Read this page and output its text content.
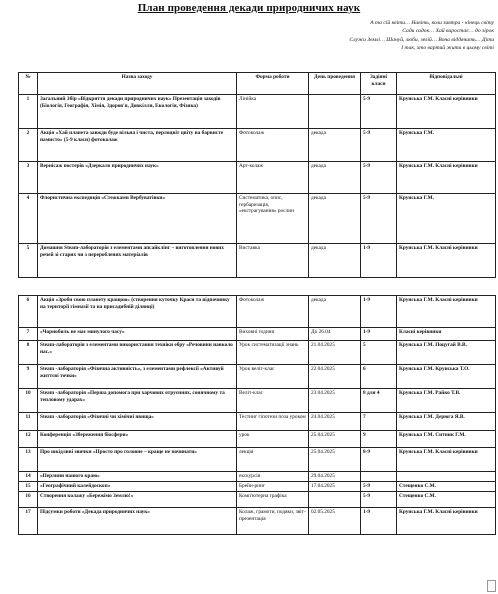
План проведення декади природничих наук
А та сій квіти… Навіть, коли завтра - кінець світу
Сади садок… Хай виростає… до зірок
Служи Землі… Шануй, люби, зелій… Вона віддячить… Діти
І так, хто вартий жити в цьому світі
№	Назва заходу	Форма роботи	День проведення	Задіяні класи	Відповідальні
1	Загальний Збір «Відкриття декади природничих наук» Презентація заходів (Біологія, Географія, Хімія, Здоров'я, Довкілля, Екологія, Фізика)	Лінійка		5-9	Крунська Г.М. Класні керівники
2	Акція «Хай планета завжди буде вільна і чиста, перлоцвіт цвіту на барвисте намисто» (5-9 класи) фотоколаж	Фотоколаж	декада	5-9	Крунська Г.М.
3	Вернісаж постерів «Дзеркало природничих наук»	Арт-колаж	декада	5-9	Крунська Г.М. Класні керівники
4	Флористична експедиція «Стежками Вербуватівки»	Систематика, опис, гербаризація, «екстрагування» рослин	декада	5-9	Крунська Г.М.
5	Домашня Steam-лабораторія з елементами апсайклінг – виготовлення нових речей зі старих чи з перероблених матеріалів	Виставка	декада	1-9	Крунська Г.М. Класні керівники
6	Акція «Зроби свою планету кращою» (створення куточку Краси та відпочинку на території гімназії та на присадибній ділянці)	Фотоколаж	декада	1-9	Крунська Г.М. Класні керівники
7	«Чорнобиль не має минулого часу»	Виховні години	До 26.04	1-9	Класні керівники
8	Steam-лабораторія з елементами використання техніки ебру «Речовини навколо нас.»	Урок систематизації знань	21.04.2025	5	Крунська Г.М. Поцугай В.В.
9	Steam -лабораторія «Фізична активність», з елементами рефлексії «Активуй життєві точки»	Урок веліт-клас	22.04.2025	6	Крунська Г.М. Крунська Т.О.
10	Steam -лабораторія «Перша допомога при харчових отруєннях, сонячному та тепловому ударах»	Веліт-клас	23.04.2025	8 для 4	Крунська Г.М. Райко Т.В.
11	Steam -лабораторія «Фізичні чи хімічні явища»	Тестинг гіпотези поза уроком	24.04.2025	7	Крунська Г.М. Дерюга Я.В.
12	Конференція «Збереження біосфери»	урок	25.04.2025	9	Крунська Г.М. Ситник Г.М.
13	Про шкідливі звички «Просто про головне – краще не починати»	лекція	25.04.2025	8-9	Крунська Г.М. Класні керівники
14	«Перлини нашого краю»	екскурсія	29.04.2025		
15	«Географічний калейдоскоп»	Брейн-ринг	17.04.2025	5-9	Стещенко С.М.
16	Створення колажу «Бережімо Землю!»	Комп'ютерна графіка		5-9	Стещенко С.М.
17	Підсумки роботи «Декада природничих наук»	Колаж, грамоти, подяки, звіт-презентація	02.05.2025	1-9	Крунська Г.М. Класні керівники
